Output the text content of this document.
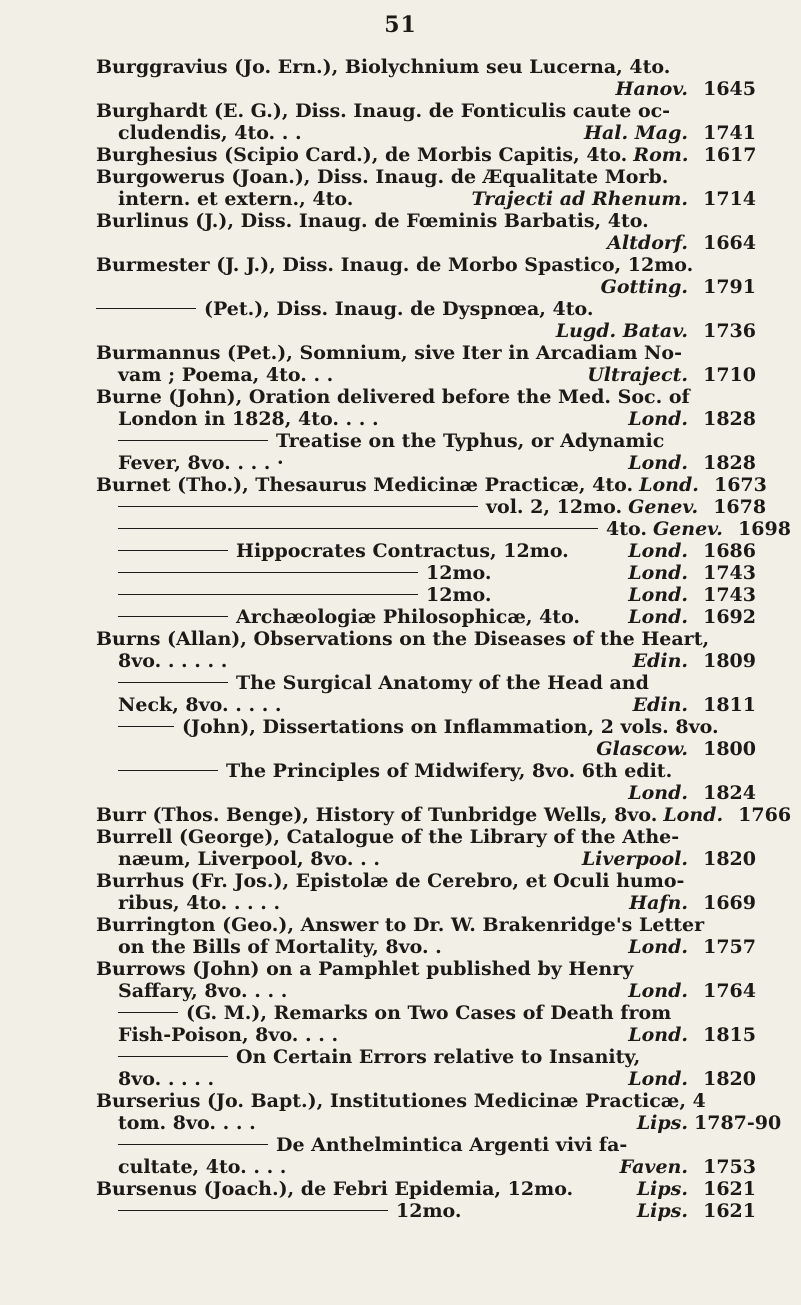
51
Burggravius (Jo. Ern.), Biolychnium seu Lucerna, 4to.
Hanov. 1645
Burghardt (E. G.), Diss. Inaug. de Fonticulis caute oc-
cludendis, 4to. . .	Hal. Mag. 1741
Burghesius (Scipio Card.), de Morbis Capitis, 4to. Rom. 1617
Burgowerus (Joan.), Diss. Inaug. de Æqualitate Morb.
intern. et extern., 4to.	Trajecti ad Rhenum. 1714
Burlinus (J.), Diss. Inaug. de Fœminis Barbatis, 4to.
Altdorf. 1664
Burmester (J. J.), Diss. Inaug. de Morbo Spastico, 12mo.
Gotting. 1791
(Pet.), Diss. Inaug. de Dyspnœa, 4to.
Lugd. Batav. 1736
Burmannus (Pet.), Somnium, sive Iter in Arcadiam No-
vam ; Poema, 4to. . .	Ultraject. 1710
Burne (John), Oration delivered before the Med. Soc. of
London in 1828, 4to. . . .	Lond. 1828
Treatise on the Typhus, or Adynamic
Fever, 8vo. . . . ·	Lond. 1828
Burnet (Tho.), Thesaurus Medicinæ Practicæ, 4to. Lond. 1673
vol. 2, 12mo. Genev. 1678
4to. Genev. 1698
Hippocrates Contractus, 12mo.	Lond. 1686
12mo.	Lond. 1743
12mo.	Lond. 1743
Archæologiæ Philosophicæ, 4to.	Lond. 1692
Burns (Allan), Observations on the Diseases of the Heart,
8vo. . . . . .	Edin. 1809
The Surgical Anatomy of the Head and
Neck, 8vo. . . . .	Edin. 1811
(John), Dissertations on Inflammation, 2 vols. 8vo.
Glascow. 1800
The Principles of Midwifery, 8vo. 6th edit.
Lond. 1824
Burr (Thos. Benge), History of Tunbridge Wells, 8vo. Lond. 1766
Burrell (George), Catalogue of the Library of the Athe-
næum, Liverpool, 8vo. . .	Liverpool. 1820
Burrhus (Fr. Jos.), Epistolæ de Cerebro, et Oculi humo-
ribus, 4to. . . . .	Hafn. 1669
Burrington (Geo.), Answer to Dr. W. Brakenridge's Letter
on the Bills of Mortality, 8vo. .	Lond. 1757
Burrows (John) on a Pamphlet published by Henry
Saffary, 8vo. . . .	Lond. 1764
(G. M.), Remarks on Two Cases of Death from
Fish-Poison, 8vo. . . .	Lond. 1815
On Certain Errors relative to Insanity,
8vo. . . . .	Lond. 1820
Burserius (Jo. Bapt.), Institutiones Medicinæ Practicæ, 4
tom. 8vo. . . .	Lips. 1787-90
De Anthelmintica Argenti vivi fa-
cultate, 4to. . . .	Faven. 1753
Bursenus (Joach.), de Febri Epidemia, 12mo.	Lips. 1621
12mo.	Lips. 1621
